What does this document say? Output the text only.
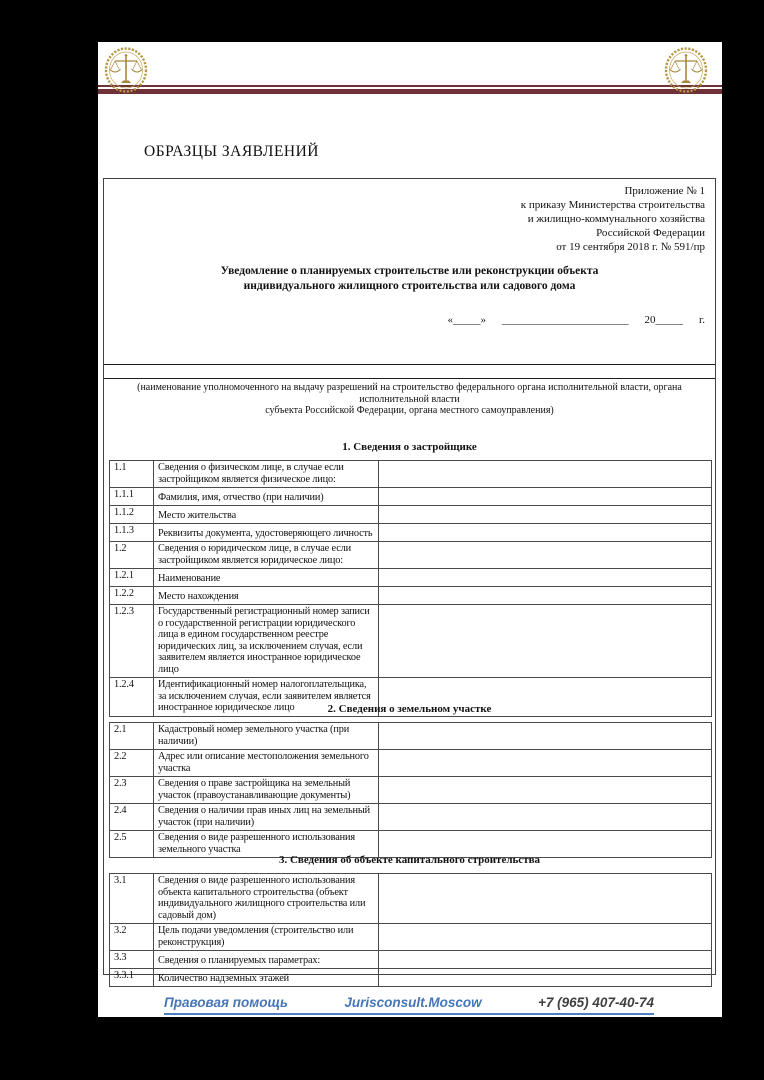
ОБРАЗЦЫ ЗАЯВЛЕНИЙ
Приложение № 1
к приказу Министерства строительства
и жилищно-коммунального хозяйства
Российской Федерации
от 19 сентября 2018 г. № 591/пр
Уведомление о планируемых строительстве или реконструкции объекта
индивидуального жилищного строительства или садового дома
«_____» _______________________ 20_____ г.
(наименование уполномоченного на выдачу разрешений на строительство федерального органа исполнительной власти, органа
исполнительной власти
субъекта Российской Федерации, органа местного самоуправления)
1. Сведения о застройщике
1.1	Сведения о физическом лице, в случае если застройщиком является физическое лицо:	
1.1.1	Фамилия, имя, отчество (при наличии)	
1.1.2	Место жительства	
1.1.3	Реквизиты документа, удостоверяющего личность	
1.2	Сведения о юридическом лице, в случае если застройщиком является юридическое лицо:	
1.2.1	Наименование	
1.2.2	Место нахождения	
1.2.3	Государственный регистрационный номер записи о государственной регистрации юридического лица в едином государственном реестре юридических лиц, за исключением случая, если заявителем является иностранное юридическое лицо	
1.2.4	Идентификационный номер налогоплательщика, за исключением случая, если заявителем является иностранное юридическое лицо		2. Сведения о земельном участке
2.1	Кадастровый номер земельного участка (при наличии)	
2.2	Адрес или описание местоположения земельного участка	
2.3	Сведения о праве застройщика на земельный участок (правоустанавливающие документы)	
2.4	Сведения о наличии прав иных лиц на земельный участок (при наличии)	
2.5	Сведения о виде разрешенного использования земельного участка	
3. Сведения об объекте капитального строительства
3.1	Сведения о виде разрешенного использования объекта капитального строительства (объект индивидуального жилищного строительства или садовый дом)	
3.2	Цель подачи уведомления (строительство или реконструкция)	
3.3	Сведения о планируемых параметрах:	
3.3.1	Количество надземных этажей	
Правовая помощь	Jurisconsult.Moscow	+7 (965) 407-40-74
